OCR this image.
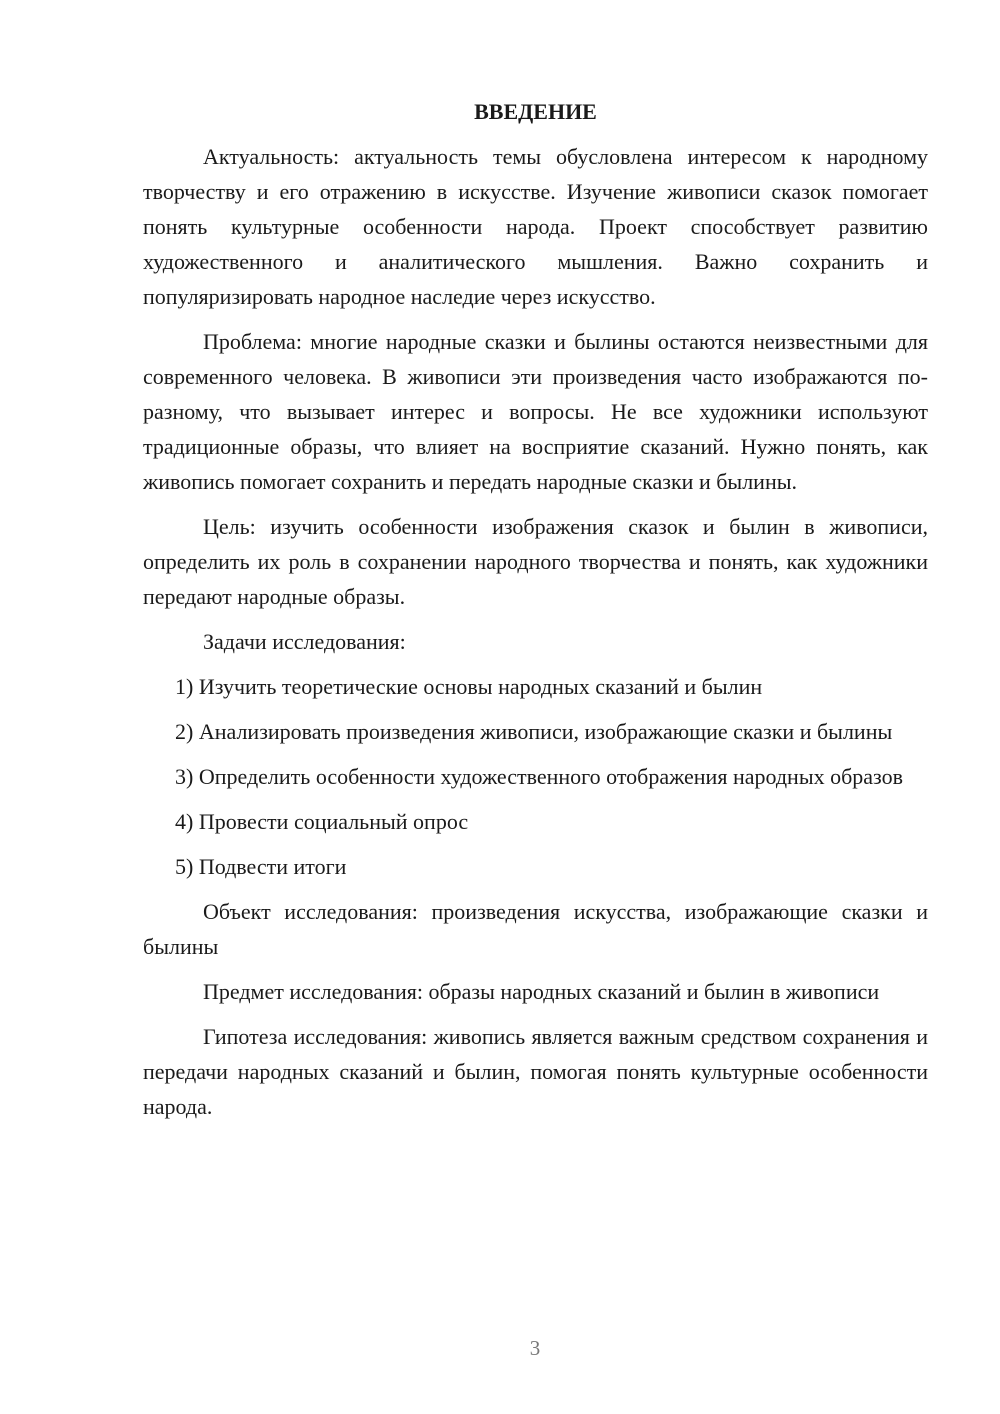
ВВЕДЕНИЕ

Актуальность: актуальность темы обусловлена интересом к народному творчеству и его отражению в искусстве. Изучение живописи сказок помогает понять культурные особенности народа. Проект способствует развитию художественного и аналитического мышления. Важно сохранить и популяризировать народное наследие через искусство.

Проблема: многие народные сказки и былины остаются неизвестными для современного человека. В живописи эти произведения часто изображаются по-разному, что вызывает интерес и вопросы. Не все художники используют традиционные образы, что влияет на восприятие сказаний. Нужно понять, как живопись помогает сохранить и передать народные сказки и былины.

Цель: изучить особенности изображения сказок и былин в живописи, определить их роль в сохранении народного творчества и понять, как художники передают народные образы.

Задачи исследования:

1) Изучить теоретические основы народных сказаний и былин

2) Анализировать произведения живописи, изображающие сказки и былины

3) Определить особенности художественного отображения народных образов

4) Провести социальный опрос

5) Подвести итоги

Объект исследования: произведения искусства, изображающие сказки и былины

Предмет исследования: образы народных сказаний и былин в живописи

Гипотеза исследования: живопись является важным средством сохранения и передачи народных сказаний и былин, помогая понять культурные особенности народа.

3
